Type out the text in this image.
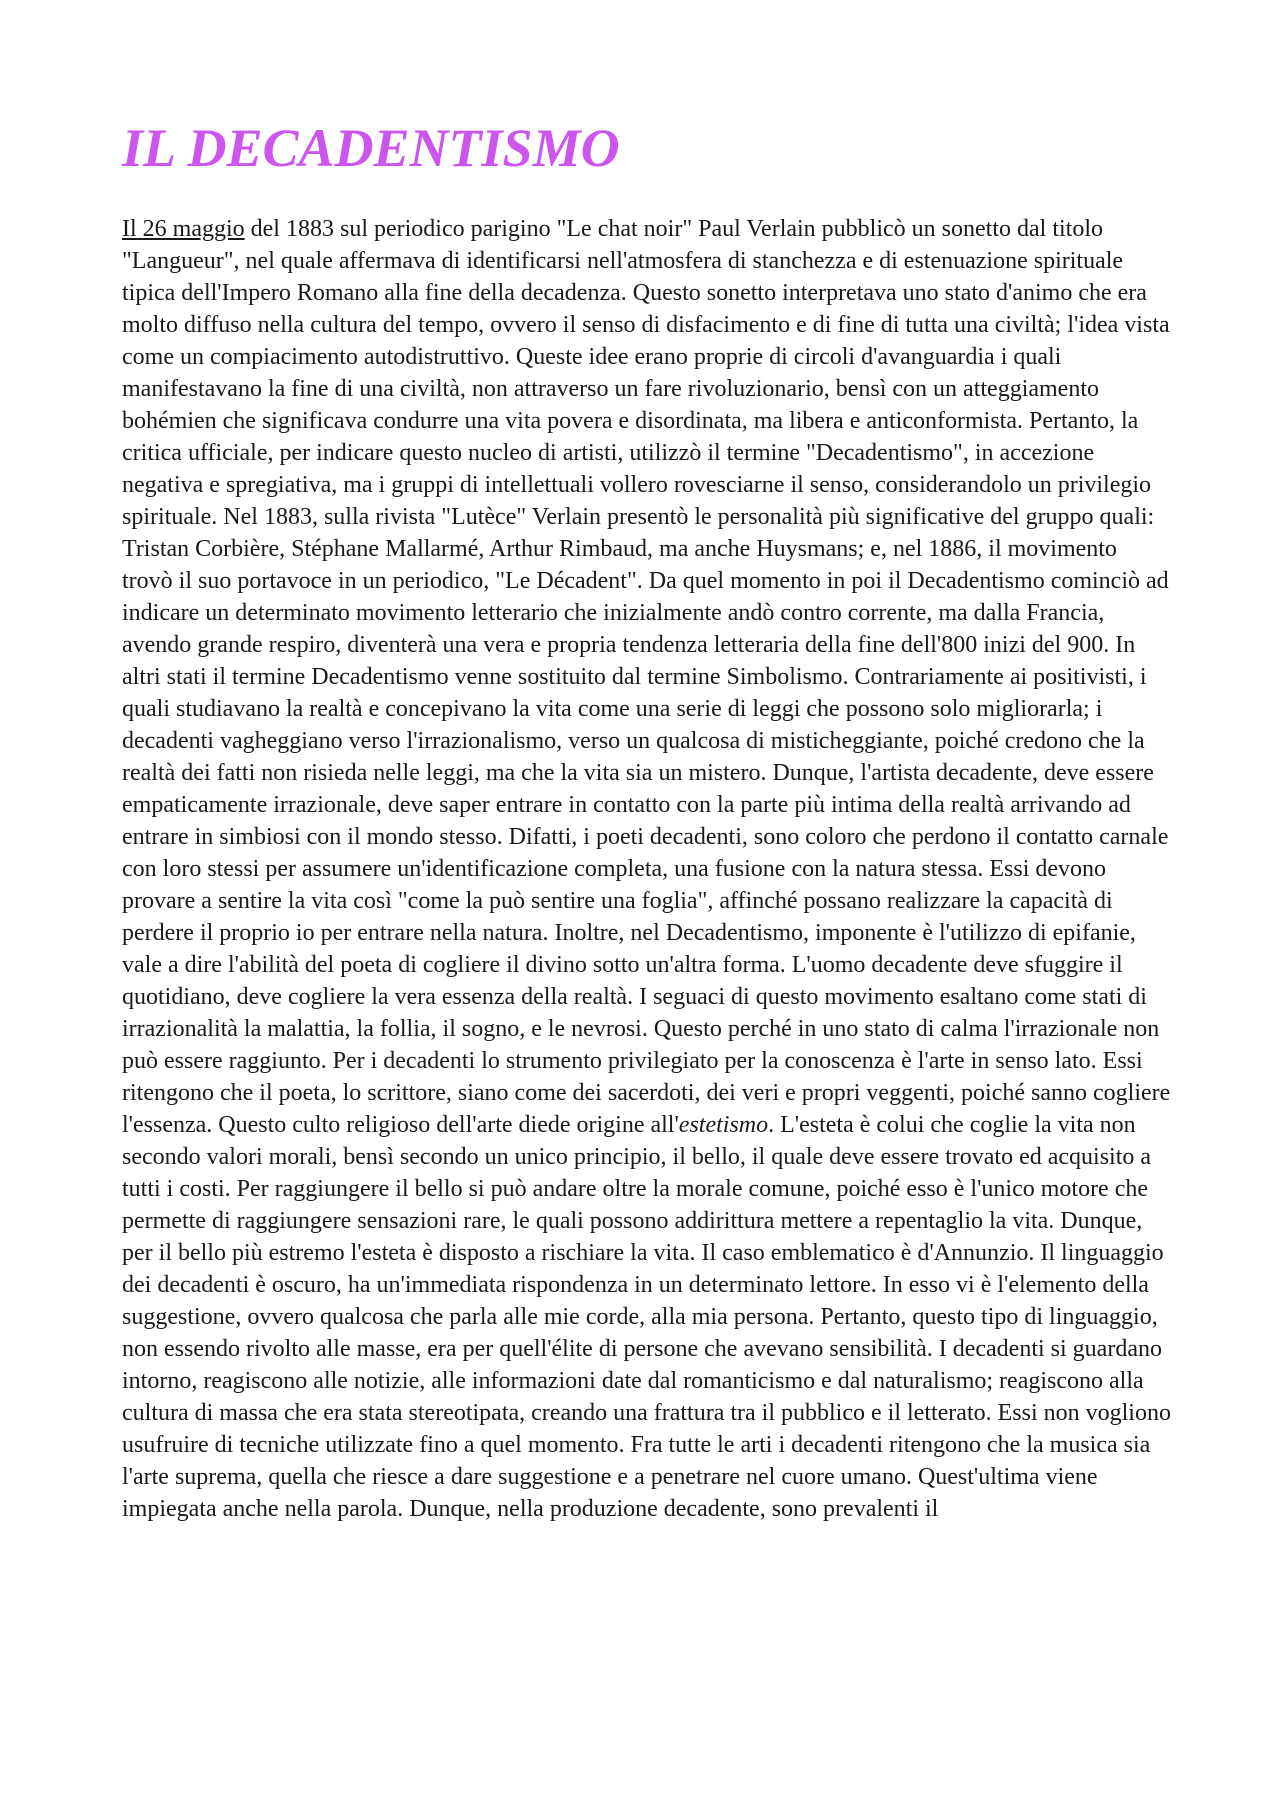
IL DECADENTISMO

Il 26 maggio del 1883 sul periodico parigino "Le chat noir" Paul Verlain pubblicò un sonetto dal titolo "Langueur", nel quale affermava di identificarsi nell'atmosfera di stanchezza e di estenuazione spirituale tipica dell'Impero Romano alla fine della decadenza. Questo sonetto interpretava uno stato d'animo che era molto diffuso nella cultura del tempo, ovvero il senso di disfacimento e di fine di tutta una civiltà; l'idea vista come un compiacimento autodistruttivo. Queste idee erano proprie di circoli d'avanguardia i quali manifestavano la fine di una civiltà, non attraverso un fare rivoluzionario, bensì con un atteggiamento bohémien che significava condurre una vita povera e disordinata, ma libera e anticonformista. Pertanto, la critica ufficiale, per indicare questo nucleo di artisti, utilizzò il termine "Decadentismo", in accezione negativa e spregiativa, ma i gruppi di intellettuali vollero rovesciarne il senso, considerandolo un privilegio spirituale. Nel 1883, sulla rivista "Lutèce" Verlain presentò le personalità più significative del gruppo quali: Tristan Corbière, Stéphane Mallarmé, Arthur Rimbaud, ma anche Huysmans; e, nel 1886, il movimento trovò il suo portavoce in un periodico, "Le Décadent". Da quel momento in poi il Decadentismo cominciò ad indicare un determinato movimento letterario che inizialmente andò contro corrente, ma dalla Francia, avendo grande respiro, diventerà una vera e propria tendenza letteraria della fine dell'800 inizi del 900. In altri stati il termine Decadentismo venne sostituito dal termine Simbolismo. Contrariamente ai positivisti, i quali studiavano la realtà e concepivano la vita come una serie di leggi che possono solo migliorarla; i decadenti vagheggiano verso l'irrazionalismo, verso un qualcosa di misticheggiante, poiché credono che la realtà dei fatti non risieda nelle leggi, ma che la vita sia un mistero. Dunque, l'artista decadente, deve essere empaticamente irrazionale, deve saper entrare in contatto con la parte più intima della realtà arrivando ad entrare in simbiosi con il mondo stesso. Difatti, i poeti decadenti, sono coloro che perdono il contatto carnale con loro stessi per assumere un'identificazione completa, una fusione con la natura stessa. Essi devono provare a sentire la vita così "come la può sentire una foglia", affinché possano realizzare la capacità di perdere il proprio io per entrare nella natura. Inoltre, nel Decadentismo, imponente è l'utilizzo di epifanie, vale a dire l'abilità del poeta di cogliere il divino sotto un'altra forma. L'uomo decadente deve sfuggire il quotidiano, deve cogliere la vera essenza della realtà. I seguaci di questo movimento esaltano come stati di irrazionalità la malattia, la follia, il sogno, e le nevrosi. Questo perché in uno stato di calma l'irrazionale non può essere raggiunto. Per i decadenti lo strumento privilegiato per la conoscenza è l'arte in senso lato. Essi ritengono che il poeta, lo scrittore, siano come dei sacerdoti, dei veri e propri veggenti, poiché sanno cogliere l'essenza. Questo culto religioso dell'arte diede origine all'estetismo. L'esteta è colui che coglie la vita non secondo valori morali, bensì secondo un unico principio, il bello, il quale deve essere trovato ed acquisito a tutti i costi. Per raggiungere il bello si può andare oltre la morale comune, poiché esso è l'unico motore che permette di raggiungere sensazioni rare, le quali possono addirittura mettere a repentaglio la vita. Dunque, per il bello più estremo l'esteta è disposto a rischiare la vita. Il caso emblematico è d'Annunzio. Il linguaggio dei decadenti è oscuro, ha un'immediata rispondenza in un determinato lettore. In esso vi è l'elemento della suggestione, ovvero qualcosa che parla alle mie corde, alla mia persona. Pertanto, questo tipo di linguaggio, non essendo rivolto alle masse, era per quell'élite di persone che avevano sensibilità. I decadenti si guardano intorno, reagiscono alle notizie, alle informazioni date dal romanticismo e dal naturalismo; reagiscono alla cultura di massa che era stata stereotipata, creando una frattura tra il pubblico e il letterato. Essi non vogliono usufruire di tecniche utilizzate fino a quel momento. Fra tutte le arti i decadenti ritengono che la musica sia l'arte suprema, quella che riesce a dare suggestione e a penetrare nel cuore umano. Quest'ultima viene impiegata anche nella parola. Dunque, nella produzione decadente, sono prevalenti il
